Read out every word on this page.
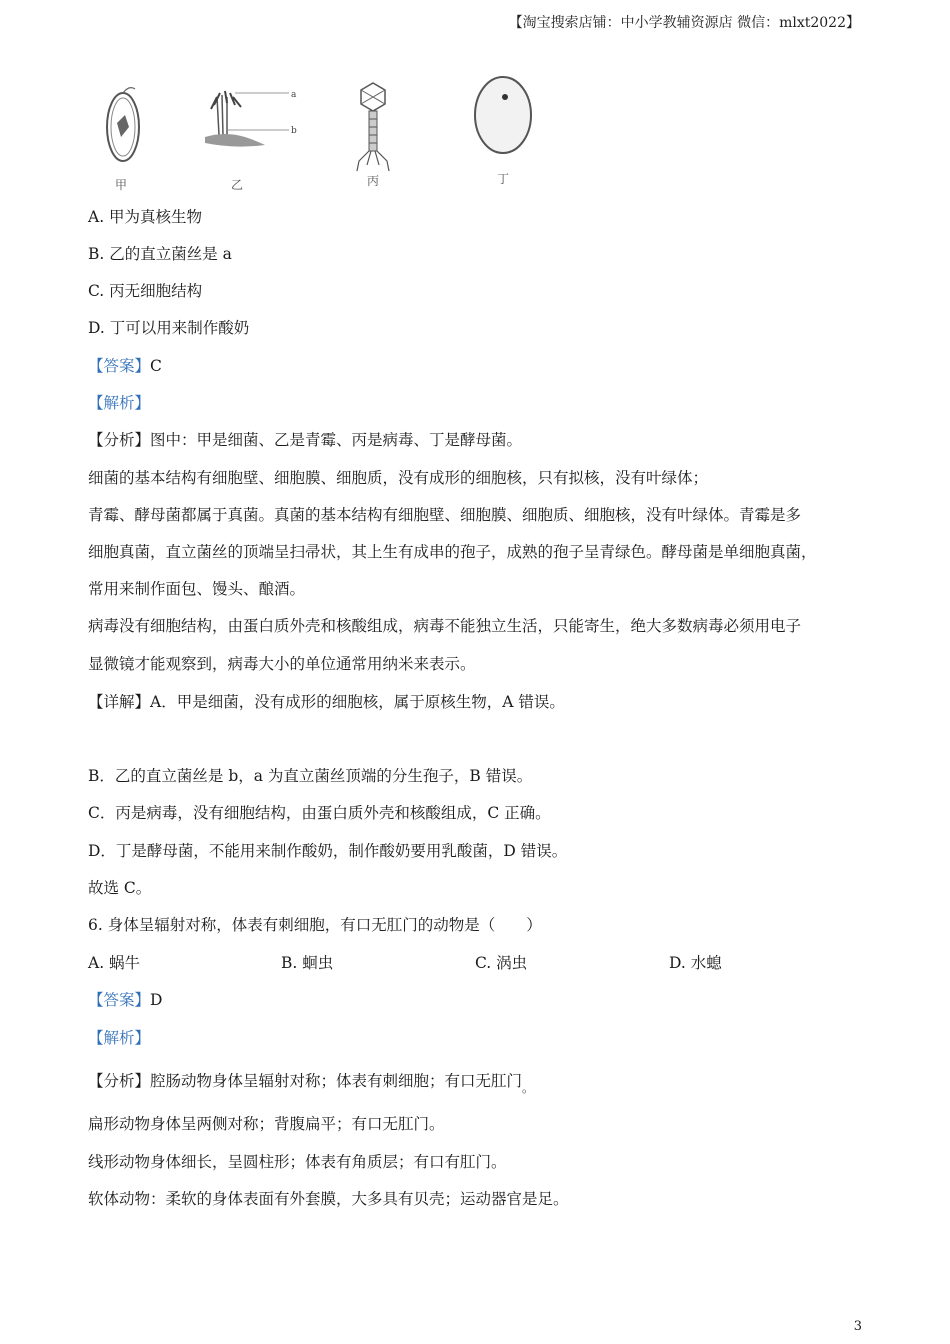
【淘宝搜索店铺：中小学教辅资源店 微信：mlxt2022】
a
b
甲	乙	丙	丁
A. 甲为真核生物
B. 乙的直立菌丝是 a
C. 丙无细胞结构
D. 丁可以用来制作酸奶
【答案】C
【解析】
【分析】图中：甲是细菌、乙是青霉、丙是病毒、丁是酵母菌。
细菌的基本结构有细胞壁、细胞膜、细胞质，没有成形的细胞核，只有拟核，没有叶绿体；
青霉、酵母菌都属于真菌。真菌的基本结构有细胞壁、细胞膜、细胞质、细胞核，没有叶绿体。青霉是多
细胞真菌，直立菌丝的顶端呈扫帚状，其上生有成串的孢子，成熟的孢子呈青绿色。酵母菌是单细胞真菌，
常用来制作面包、馒头、酿酒。
病毒没有细胞结构，由蛋白质外壳和核酸组成，病毒不能独立生活，只能寄生，绝大多数病毒必须用电子
显微镜才能观察到，病毒大小的单位通常用纳米来表示。
【详解】A．甲是细菌，没有成形的细胞核，属于原核生物，A 错误。
B．乙的直立菌丝是 b，a 为直立菌丝顶端的分生孢子，B 错误。
C．丙是病毒，没有细胞结构，由蛋白质外壳和核酸组成，C 正确。
D．丁是酵母菌，不能用来制作酸奶，制作酸奶要用乳酸菌，D 错误。
故选 C。
6. 身体呈辐射对称，体表有刺细胞，有口无肛门的动物是（　　）
A. 蜗牛	B. 蛔虫	C. 涡虫	D. 水螅
【答案】D
【解析】
【分析】腔肠动物身体呈辐射对称；体表有刺细胞；有口无肛门$_。$
扁形动物身体呈两侧对称；背腹扁平；有口无肛门。
线形动物身体细长，呈圆柱形；体表有角质层；有口有肛门。
软体动物：柔软的身体表面有外套膜，大多具有贝壳；运动器官是足。
3
